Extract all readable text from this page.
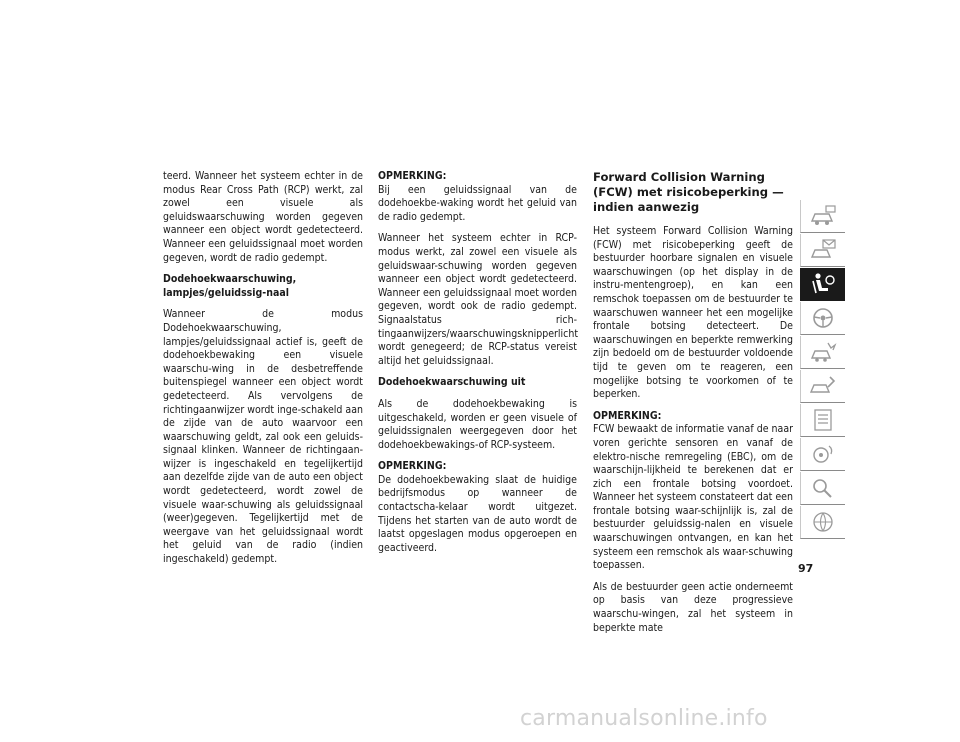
teerd. Wanneer het systeem echter in de modus Rear Cross Path (RCP) werkt, zal zowel een visuele als geluidswaarschuwing worden gegeven wanneer een object wordt gedetecteerd. Wanneer een geluidssignaal moet worden gegeven, wordt de radio gedempt.

Dodehoekwaarschuwing, lampjes/geluidssig-naal

Wanneer de modus Dodehoekwaarschuwing, lampjes/geluidssignaal actief is, geeft de dodehoekbewaking een visuele waarschu-wing in de desbetreffende buitenspiegel wanneer een object wordt gedetecteerd. Als vervolgens de richtingaanwijzer wordt inge-schakeld aan de zijde van de auto waarvoor een waarschuwing geldt, zal ook een geluids-signaal klinken. Wanneer de richtingaan-wijzer is ingeschakeld en tegelijkertijd aan dezelfde zijde van de auto een object wordt gedetecteerd, wordt zowel de visuele waar-schuwing als geluidssignaal (weer)gegeven. Tegelijkertijd met de weergave van het geluidssignaal wordt het geluid van de radio (indien ingeschakeld) gedempt.

OPMERKING:
Bij een geluidssignaal van de dodehoekbe-waking wordt het geluid van de radio gedempt.

Wanneer het systeem echter in RCP-modus werkt, zal zowel een visuele als geluidswaar-schuwing worden gegeven wanneer een object wordt gedetecteerd. Wanneer een geluidssignaal moet worden gegeven, wordt ook de radio gedempt. Signaalstatus rich-tingaanwijzers/waarschuwingsknipperlicht wordt genegeerd; de RCP-status vereist altijd het geluidssignaal.

Dodehoekwaarschuwing uit

Als de dodehoekbewaking is uitgeschakeld, worden er geen visuele of geluidssignalen weergegeven door het dodehoekbewakings-of RCP-systeem.

OPMERKING:
De dodehoekbewaking slaat de huidige bedrijfsmodus op wanneer de contactscha-kelaar wordt uitgezet. Tijdens het starten van de auto wordt de laatst opgeslagen modus opgeroepen en geactiveerd.

Forward Collision Warning (FCW) met risicobeperking — indien aanwezig

Het systeem Forward Collision Warning (FCW) met risicobeperking geeft de bestuurder hoorbare signalen en visuele waarschuwingen (op het display in de instru-mentengroep), en kan een remschok toepassen om de bestuurder te waarschuwen wanneer het een mogelijke frontale botsing detecteert. De waarschuwingen en beperkte remwerking zijn bedoeld om de bestuurder voldoende tijd te geven om te reageren, een mogelijke botsing te voorkomen of te beperken.

OPMERKING:
FCW bewaakt de informatie vanaf de naar voren gerichte sensoren en vanaf de elektro-nische remregeling (EBC), om de waarschijn-lijkheid te berekenen dat er zich een frontale botsing voordoet. Wanneer het systeem constateert dat een frontale botsing waar-schijnlijk is, zal de bestuurder geluidssig-nalen en visuele waarschuwingen ontvangen, en kan het systeem een remschok als waar-schuwing toepassen.

Als de bestuurder geen actie onderneemt op basis van deze progressieve waarschu-wingen, zal het systeem in beperkte mate

97
carmanualsonline.info
